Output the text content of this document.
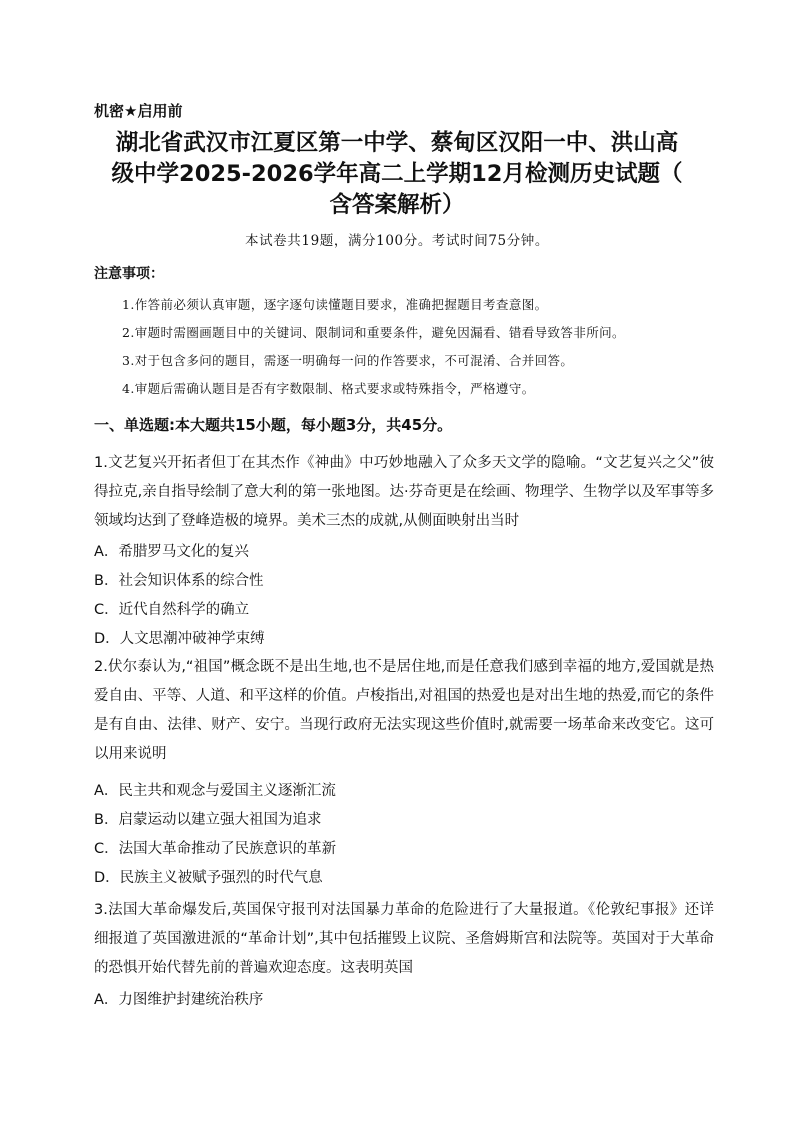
机密★启用前
湖北省武汉市江夏区第一中学、蔡甸区汉阳一中、洪山高
级中学2025-2026学年高二上学期12月检测历史试题（
含答案解析）
本试卷共19题，满分100分。考试时间75分钟。
注意事项：
1.作答前必须认真审题，逐字逐句读懂题目要求，准确把握题目考查意图。
2.审题时需圈画题目中的关键词、限制词和重要条件，避免因漏看、错看导致答非所问。
3.对于包含多问的题目，需逐一明确每一问的作答要求，不可混淆、合并回答。
4.审题后需确认题目是否有字数限制、格式要求或特殊指令，严格遵守。
一、单选题:本大题共15小题，每小题3分，共45分。
1.文艺复兴开拓者但丁在其杰作《神曲》中巧妙地融入了众多天文学的隐喻。“文艺复兴之父”彼得拉克,亲自指导绘制了意大利的第一张地图。达·芬奇更是在绘画、物理学、生物学以及军事等多领域均达到了登峰造极的境界。美术三杰的成就,从侧面映射出当时
A．希腊罗马文化的复兴
B．社会知识体系的综合性
C．近代自然科学的确立
D．人文思潮冲破神学束缚
2.伏尔泰认为,“祖国”概念既不是出生地,也不是居住地,而是任意我们感到幸福的地方,爱国就是热爱自由、平等、人道、和平这样的价值。卢梭指出,对祖国的热爱也是对出生地的热爱,而它的条件是有自由、法律、财产、安宁。当现行政府无法实现这些价值时,就需要一场革命来改变它。这可以用来说明
A．民主共和观念与爱国主义逐渐汇流
B．启蒙运动以建立强大祖国为追求
C．法国大革命推动了民族意识的革新
D．民族主义被赋予强烈的时代气息
3.法国大革命爆发后,英国保守报刊对法国暴力革命的危险进行了大量报道。《伦敦纪事报》还详细报道了英国激进派的“革命计划”,其中包括摧毁上议院、圣詹姆斯宫和法院等。英国对于大革命的恐惧开始代替先前的普遍欢迎态度。这表明英国
A．力图维护封建统治秩序
